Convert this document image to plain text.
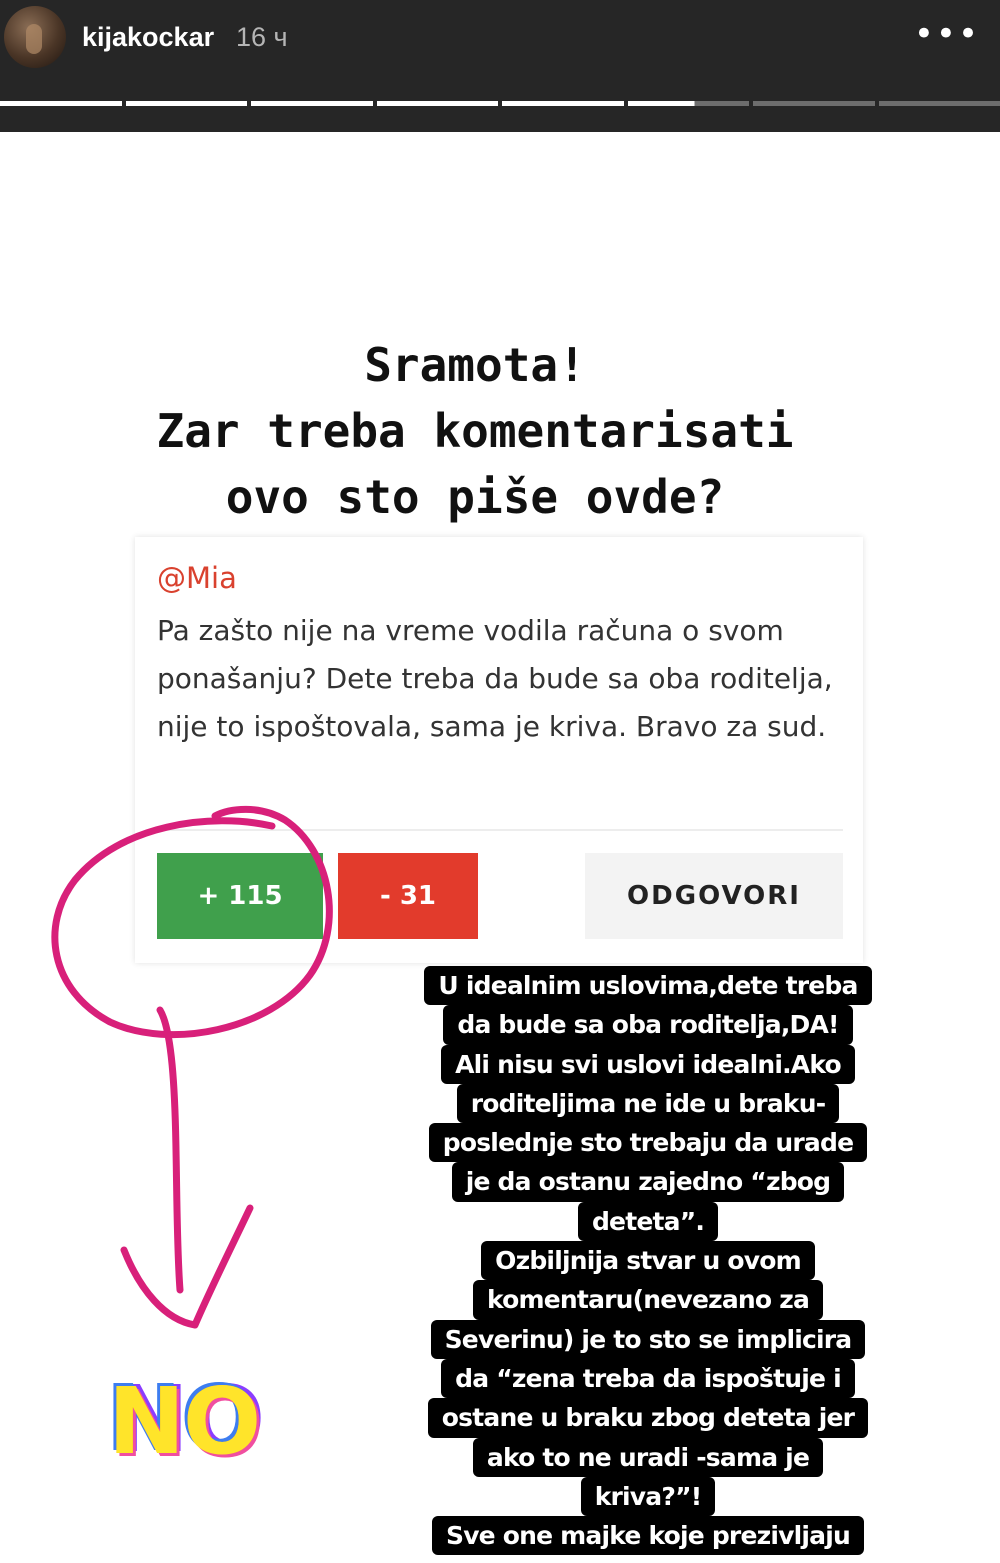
kijakockar 16 ч	•••
Sramota!
Zar treba komentarisati
ovo sto piše ovde?
@Mia
Pa zašto nije na vreme vodila računa o svom ponašanju? Dete treba da bude sa oba roditelja, nije to ispoštovala, sama je kriva. Bravo za sud.
+ 115	- 31	ODGOVORI
NO
U idealnim uslovima,dete treba
da bude sa oba roditelja,DA!
Ali nisu svi uslovi idealni.Ako
roditeljima ne ide u braku-
poslednje sto trebaju da urade
je da ostanu zajedno “zbog
deteta”.
Ozbiljnija stvar u ovom
komentaru(nevezano za
Severinu) je to sto se implicira
da “zena treba da ispoštuje i
ostane u braku zbog deteta jer
ako to ne uradi -sama je
kriva?”!
Sve one majke koje prezivljaju
